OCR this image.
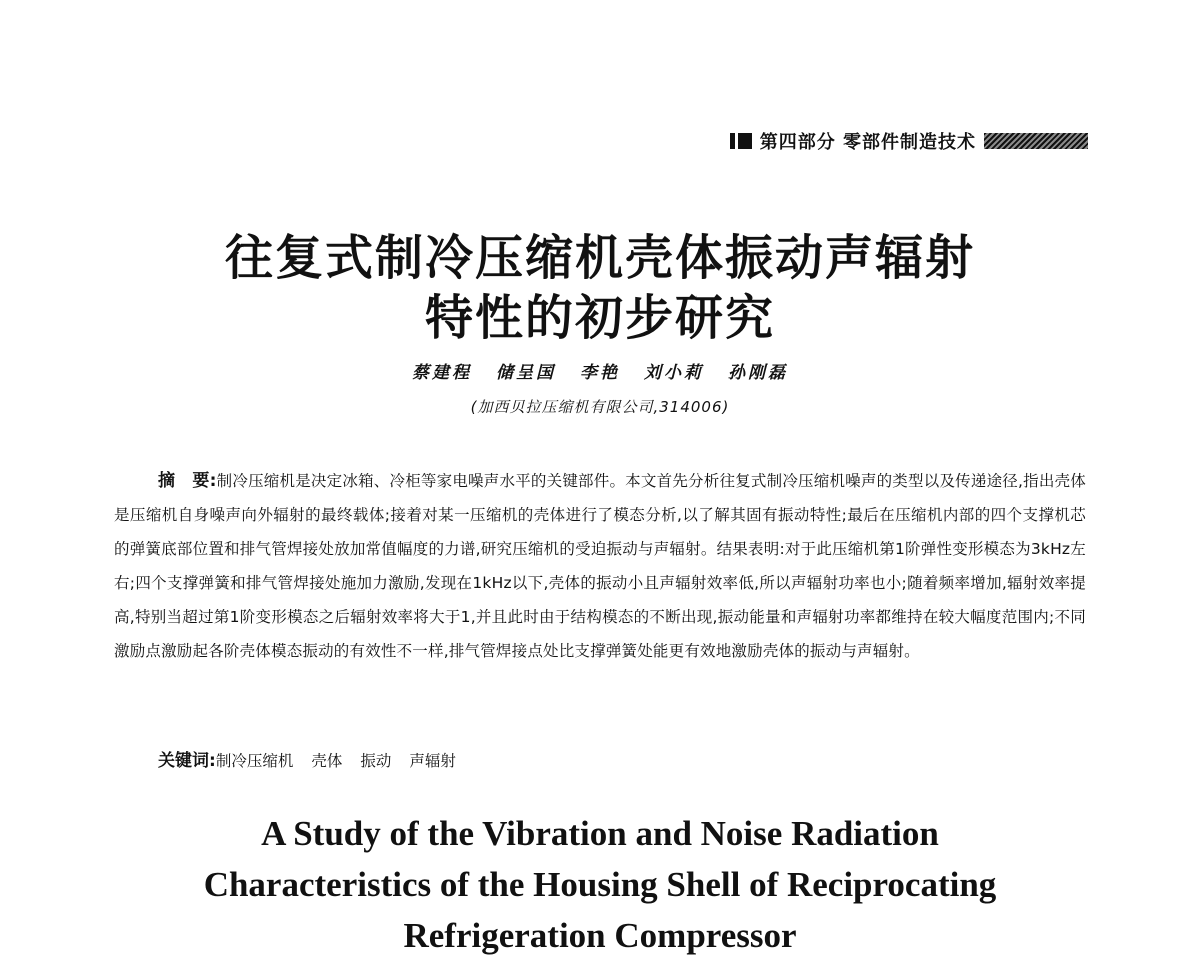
第四部分 零部件制造技术
往复式制冷压缩机壳体振动声辐射
特性的初步研究
蔡建程 储呈国 李艳 刘小莉 孙刚磊
(加西贝拉压缩机有限公司,314006)
摘　要:制冷压缩机是决定冰箱、冷柜等家电噪声水平的关键部件。本文首先分析往复式制冷压缩机噪声的类型以及传递途径,指出壳体是压缩机自身噪声向外辐射的最终载体;接着对某一压缩机的壳体进行了模态分析,以了解其固有振动特性;最后在压缩机内部的四个支撑机芯的弹簧底部位置和排气管焊接处放加常值幅度的力谱,研究压缩机的受迫振动与声辐射。结果表明:对于此压缩机第1阶弹性变形模态为3kHz左右;四个支撑弹簧和排气管焊接处施加力激励,发现在1kHz以下,壳体的振动小且声辐射效率低,所以声辐射功率也小;随着频率增加,辐射效率提高,特别当超过第1阶变形模态之后辐射效率将大于1,并且此时由于结构模态的不断出现,振动能量和声辐射功率都维持在较大幅度范围内;不同激励点激励起各阶壳体模态振动的有效性不一样,排气管焊接点处比支撑弹簧处能更有效地激励壳体的振动与声辐射。
关键词:制冷压缩机 壳体 振动 声辐射
A Study of the Vibration and Noise Radiation
Characteristics of the Housing Shell of Reciprocating
Refrigeration Compressor
